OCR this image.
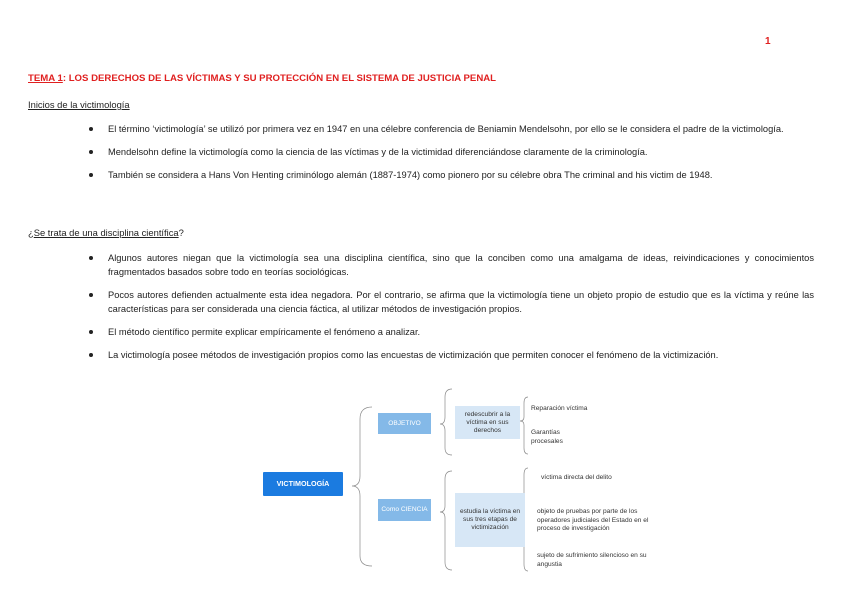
1
TEMA 1: LOS DERECHOS DE LAS VÍCTIMAS Y SU PROTECCIÓN EN EL SISTEMA DE JUSTICIA PENAL
Inicios de la victimología
El término ‘victimología’ se utilizó por primera vez en 1947 en una célebre conferencia de Beniamin Mendelsohn, por ello se le considera el padre de la victimología.
Mendelsohn define la victimología como la ciencia de las víctimas y de la victimidad diferenciándose claramente de la criminología.
También se considera a Hans Von Henting criminólogo alemán (1887-1974) como pionero por su célebre obra The criminal and his victim de 1948.
¿Se trata de una disciplina científica?
Algunos autores niegan que la victimología sea una disciplina científica, sino que la conciben como una amalgama de ideas, reivindicaciones y conocimientos fragmentados basados sobre todo en teorías sociológicas.
Pocos autores defienden actualmente esta idea negadora. Por el contrario, se afirma que la victimología tiene un objeto propio de estudio que es la víctima y reúne las características para ser considerada una ciencia fáctica, al utilizar métodos de investigación propios.
El método científico permite explicar empíricamente el fenómeno a analizar.
La victimología posee métodos de investigación propios como las encuestas de victimización que permiten conocer el fenómeno de la victimización.
VICTIMOLOGÍA
OBJETIVO
redescubrir a la víctima en sus derechos
Reparación víctima
Garantías procesales
Como CIENCIA	estudia la víctima en sus tres etapas de victimización
víctima directa del delito
objeto de pruebas por parte de los operadores judiciales del Estado en el proceso de investigación
sujeto de sufrimiento silencioso en su angustia
